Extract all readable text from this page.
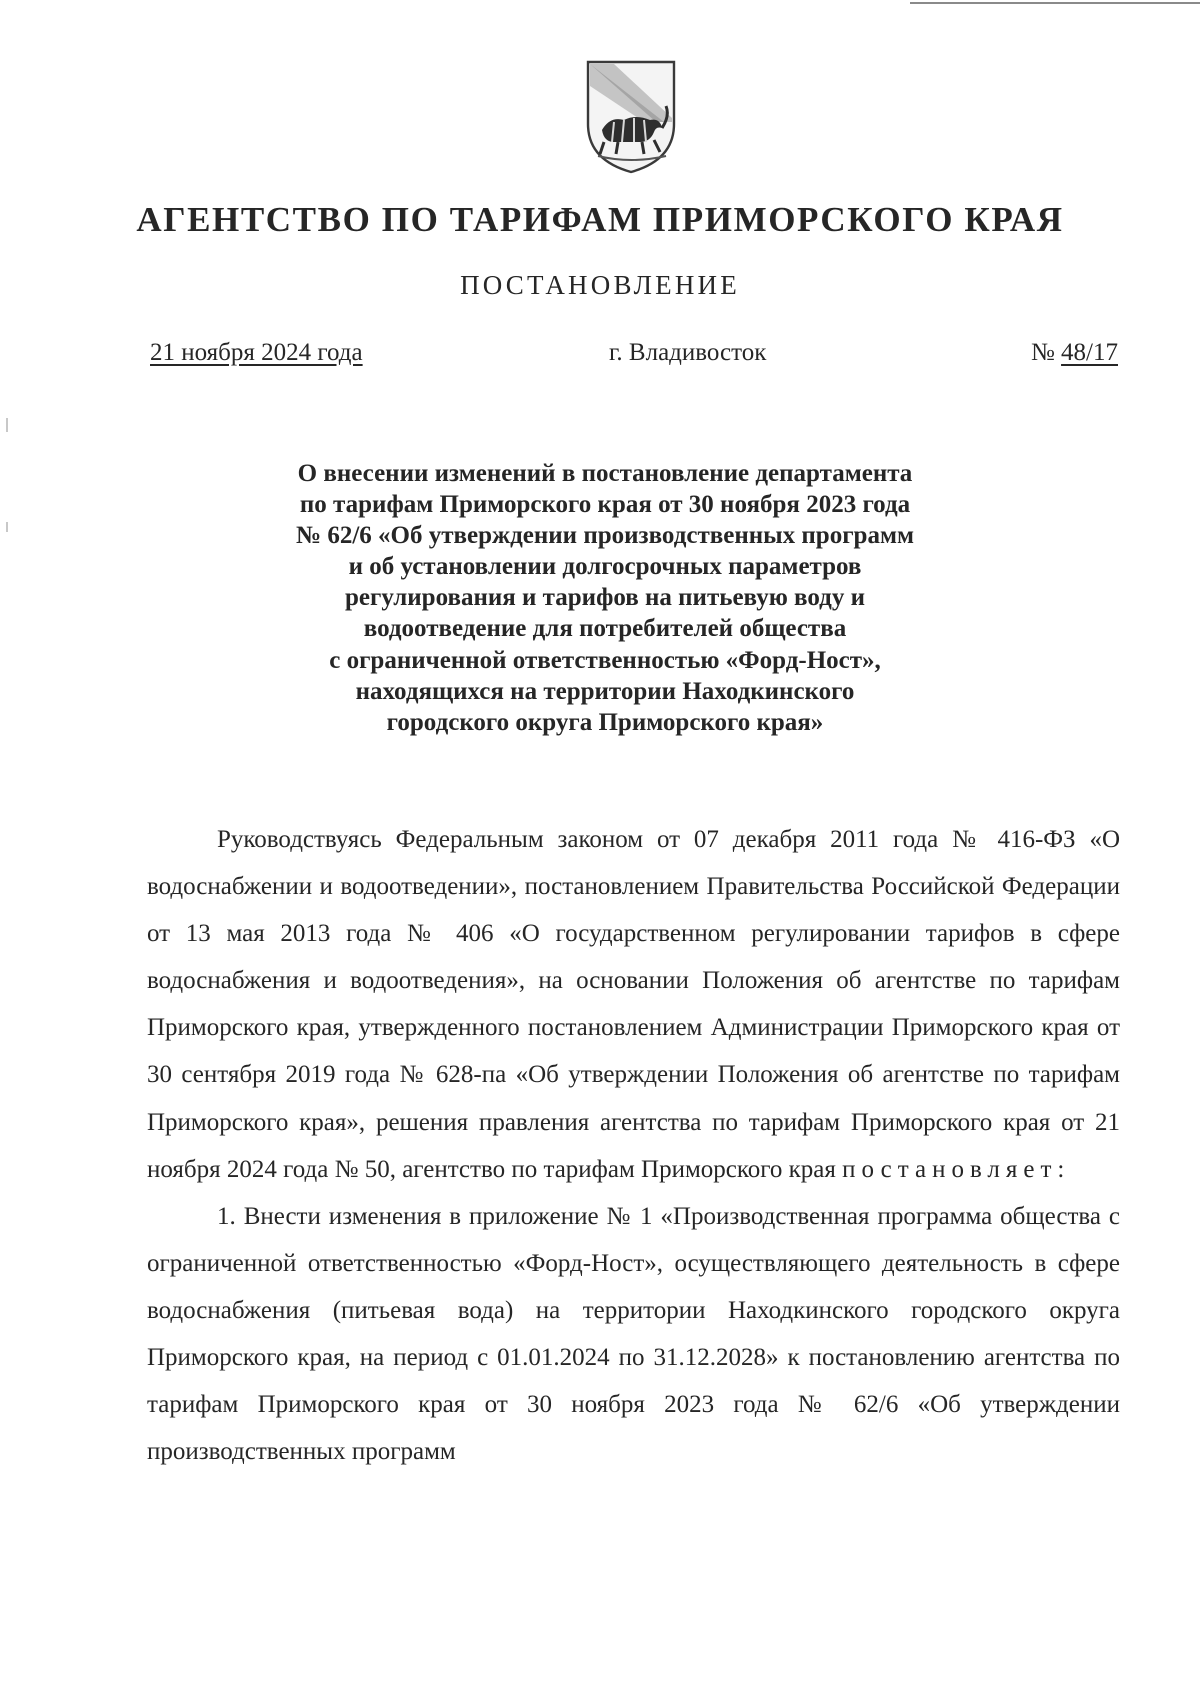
АГЕНТСТВО ПО ТАРИФАМ ПРИМОРСКОГО КРАЯ
ПОСТАНОВЛЕНИЕ
21 ноября 2024 года	г. Владивосток	№ 48/17
О внесении изменений в постановление департамента
по тарифам Приморского края от 30 ноября 2023 года
№ 62/6 «Об утверждении производственных программ
и об установлении долгосрочных параметров
регулирования и тарифов на питьевую воду и
водоотведение для потребителей общества
с ограниченной ответственностью «Форд-Ност»,
находящихся на территории Находкинского
городского округа Приморского края»

Руководствуясь Федеральным законом от 07 декабря 2011 года № 416-ФЗ «О водоснабжении и водоотведении», постановлением Правительства Российской Федерации от 13 мая 2013 года № 406 «О государственном регулировании тарифов в сфере водоснабжения и водоотведения», на основании Положения об агентстве по тарифам Приморского края, утвержденного постановлением Администрации Приморского края от 30 сентября 2019 года № 628-па «Об утверждении Положения об агентстве по тарифам Приморского края», решения правления агентства по тарифам Приморского края от 21 ноября 2024 года № 50, агентство по тарифам Приморского края постановляет:

1. Внести изменения в приложение № 1 «Производственная программа общества с ограниченной ответственностью «Форд-Ност», осуществляющего деятельность в сфере водоснабжения (питьевая вода) на территории Находкинского городского округа Приморского края, на период с 01.01.2024 по 31.12.2028» к постановлению агентства по тарифам Приморского края от 30 ноября 2023 года № 62/6 «Об утверждении производственных программ
